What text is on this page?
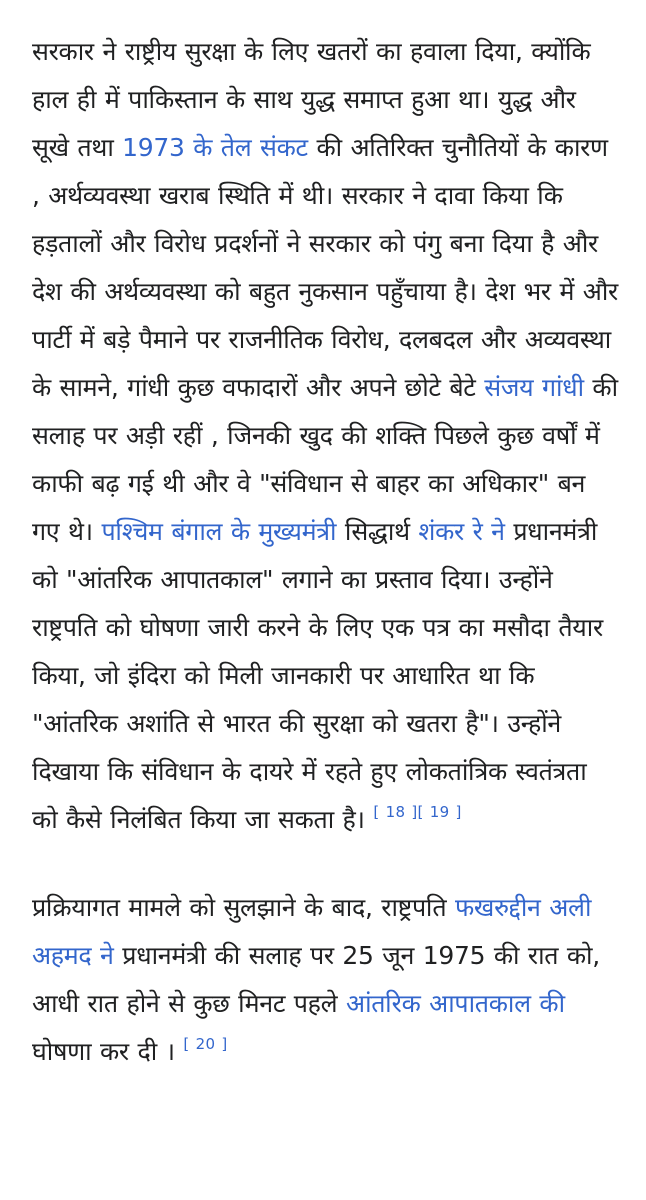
सरकार ने राष्ट्रीय सुरक्षा के लिए खतरों का हवाला दिया, क्योंकि हाल ही में पाकिस्तान के साथ युद्ध समाप्त हुआ था। युद्ध और सूखे तथा 1973 के तेल संकट की अतिरिक्त चुनौतियों के कारण , अर्थव्यवस्था खराब स्थिति में थी। सरकार ने दावा किया कि हड़तालों और विरोध प्रदर्शनों ने सरकार को पंगु बना दिया है और देश की अर्थव्यवस्था को बहुत नुकसान पहुँचाया है। देश भर में और पार्टी में बड़े पैमाने पर राजनीतिक विरोध, दलबदल और अव्यवस्था के सामने, गांधी कुछ वफादारों और अपने छोटे बेटे संजय गांधी की सलाह पर अड़ी रहीं , जिनकी खुद की शक्ति पिछले कुछ वर्षों में काफी बढ़ गई थी और वे "संविधान से बाहर का अधिकार" बन गए थे। पश्चिम बंगाल के मुख्यमंत्री सिद्धार्थ शंकर रे ने प्रधानमंत्री को "आंतरिक आपातकाल" लगाने का प्रस्ताव दिया। उन्होंने राष्ट्रपति को घोषणा जारी करने के लिए एक पत्र का मसौदा तैयार किया, जो इंदिरा को मिली जानकारी पर आधारित था कि "आंतरिक अशांति से भारत की सुरक्षा को खतरा है"। उन्होंने दिखाया कि संविधान के दायरे में रहते हुए लोकतांत्रिक स्वतंत्रता को कैसे निलंबित किया जा सकता है। [ 18 ][ 19 ]

प्रक्रियागत मामले को सुलझाने के बाद, राष्ट्रपति फखरुद्दीन अली अहमद ने प्रधानमंत्री की सलाह पर 25 जून 1975 की रात को, आधी रात होने से कुछ मिनट पहले आंतरिक आपातकाल की घोषणा कर दी । [ 20 ]
